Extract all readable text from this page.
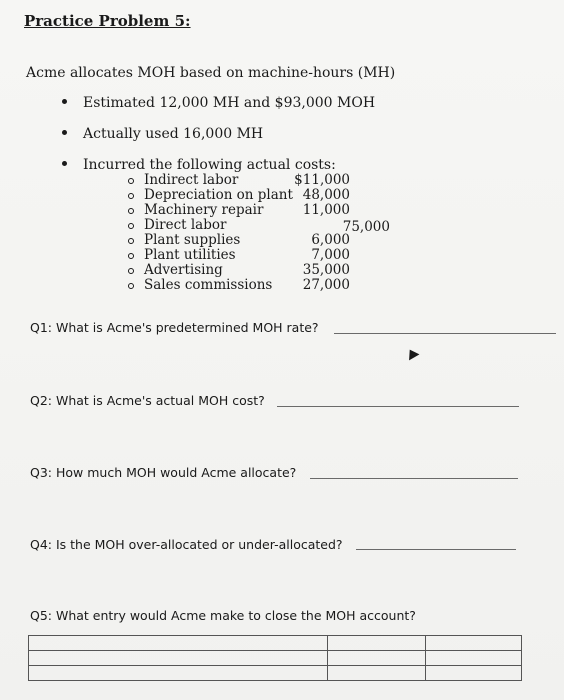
Practice Problem 5:
Acme allocates MOH based on machine-hours (MH)
Estimated 12,000 MH and $93,000 MOH
Actually used 16,000 MH
Incurred the following actual costs:
Indirect labor	$11,000
Depreciation on plant 48,000
Machinery repair	11,000
Direct labor	75,000
Plant supplies	6,000
Plant utilities	7,000
Advertising	35,000
Sales commissions 27,000
Q1: What is Acme's predetermined MOH rate?
Q2: What is Acme's actual MOH cost?
Q3: How much MOH would Acme allocate?
Q4: Is the MOH over-allocated or under-allocated?
Q5: What entry would Acme make to close the MOH account?
